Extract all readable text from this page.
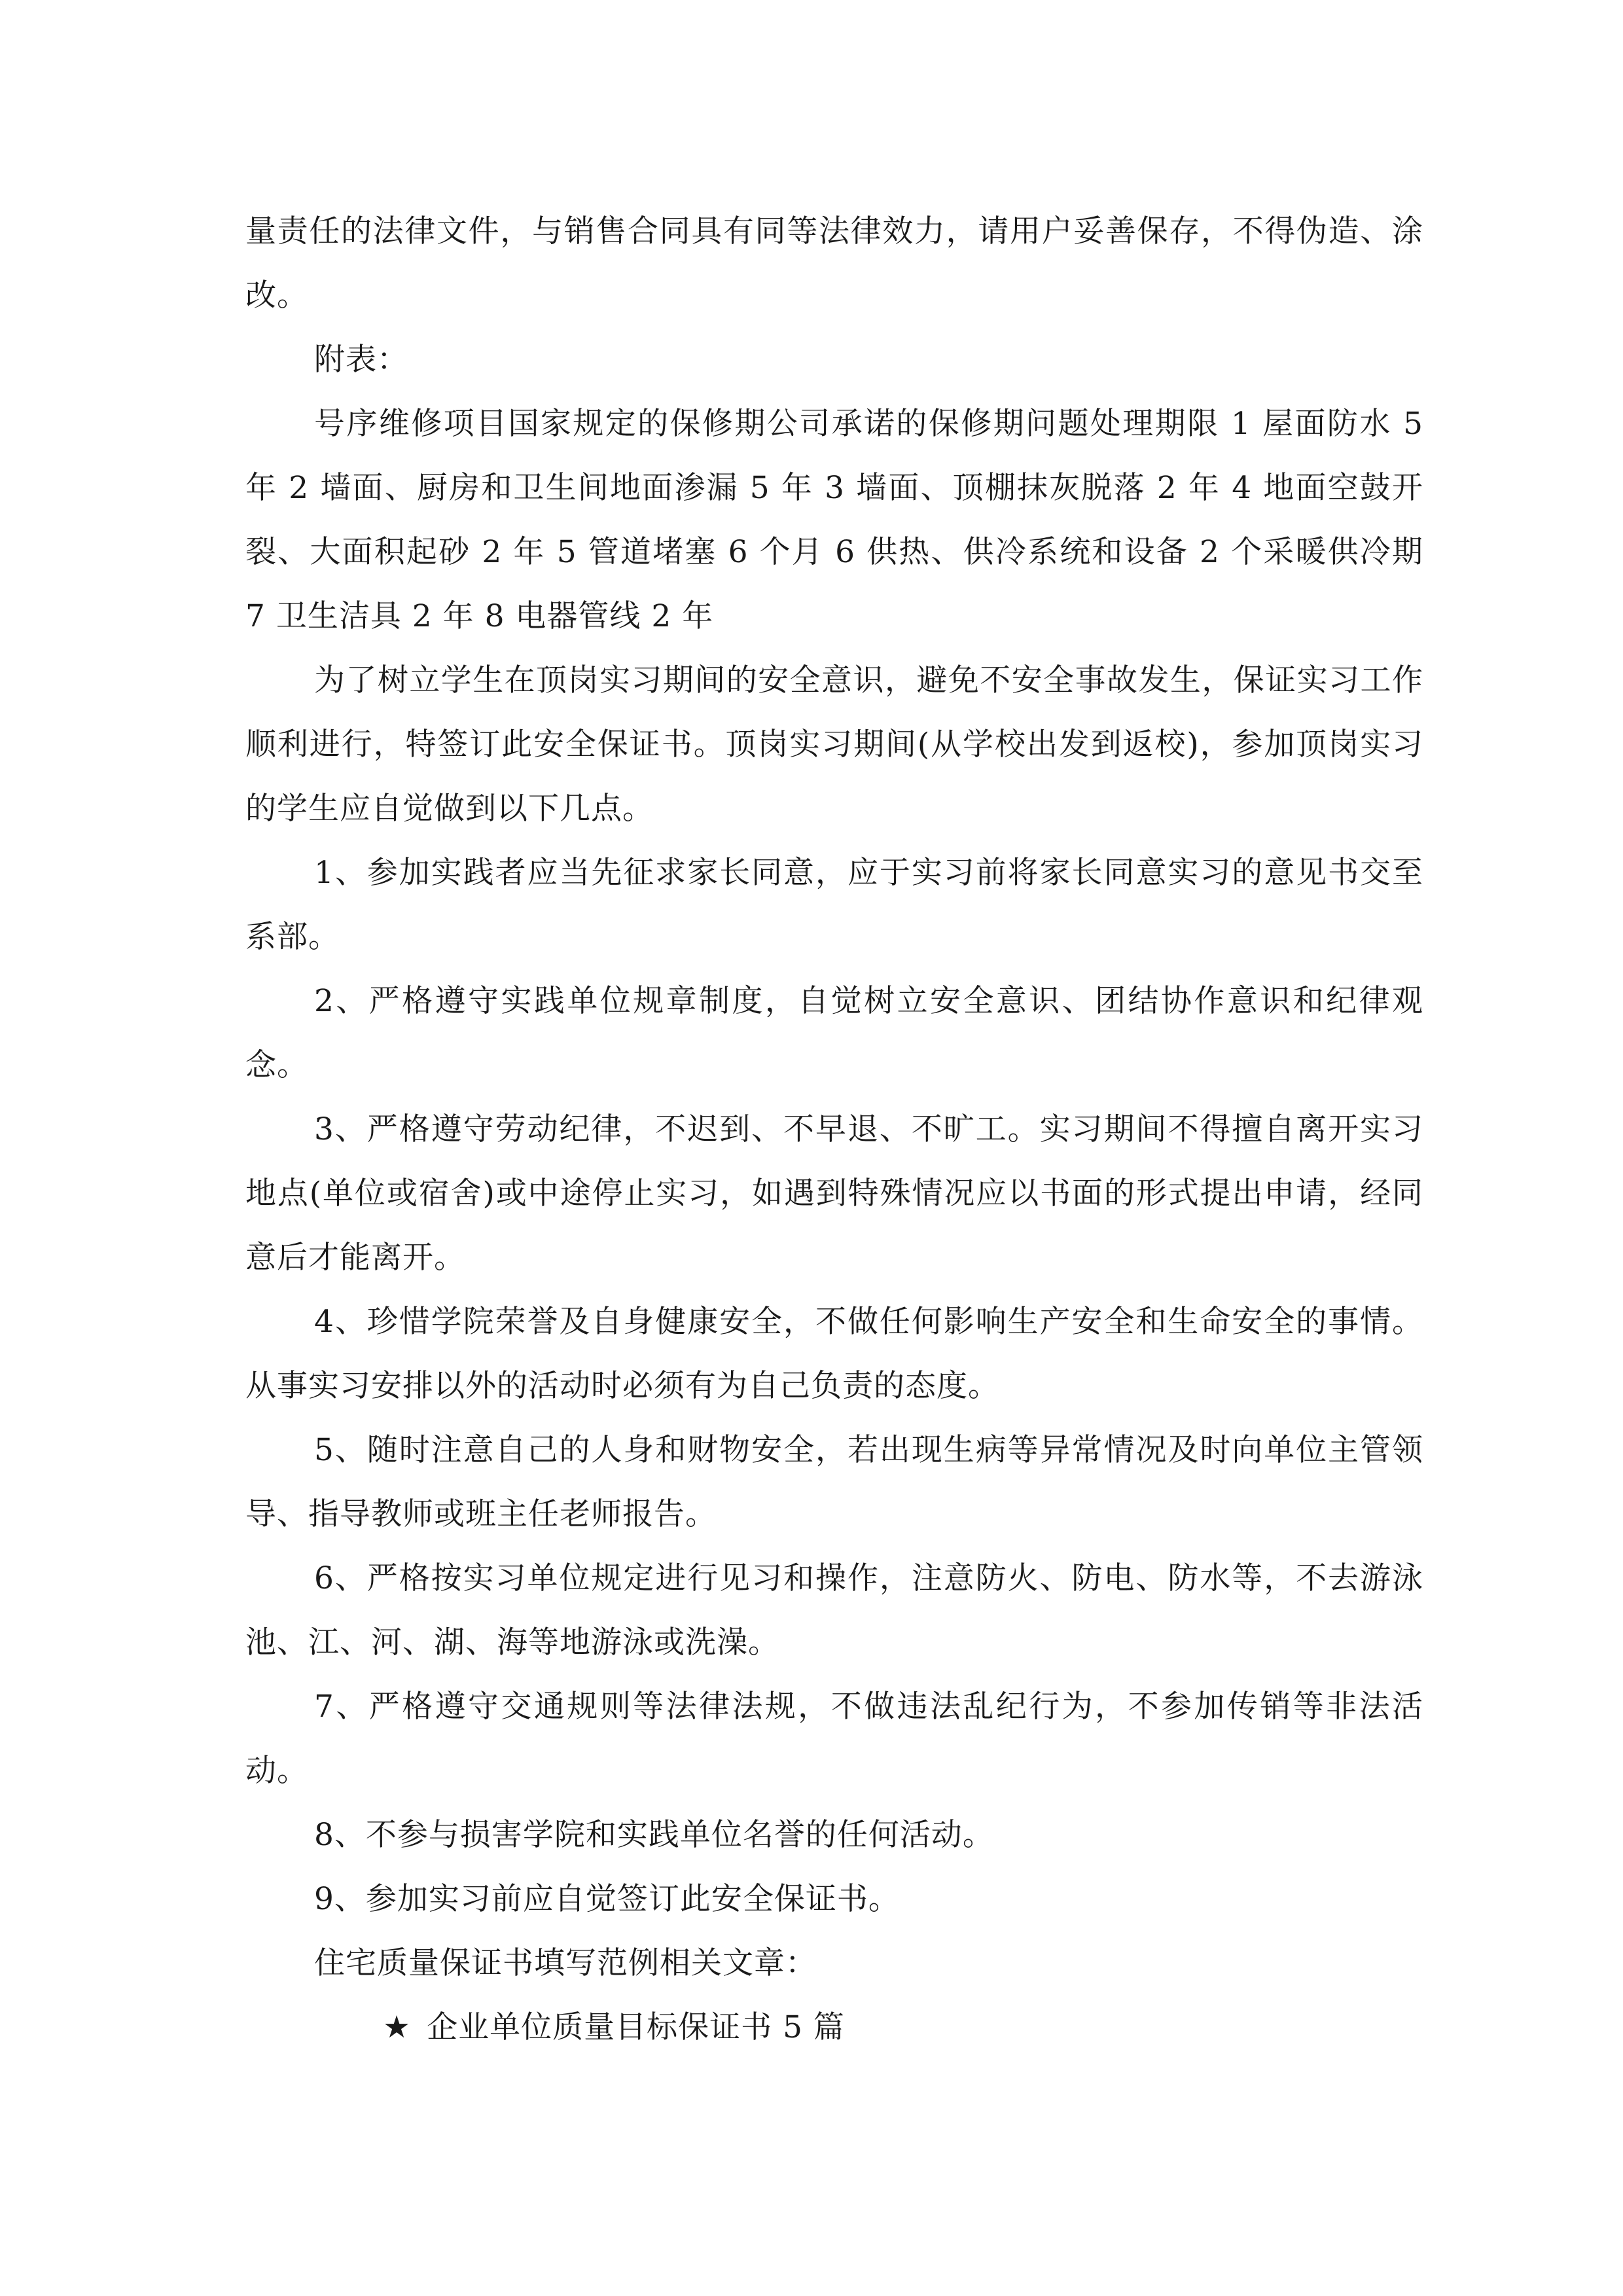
量责任的法律文件，与销售合同具有同等法律效力，请用户妥善保存，不得伪造、涂改。

附表：

号序维修项目国家规定的保修期公司承诺的保修期问题处理期限 1 屋面防水 5 年 2 墙面、厨房和卫生间地面渗漏 5 年 3 墙面、顶棚抹灰脱落 2 年 4 地面空鼓开裂、大面积起砂 2 年 5 管道堵塞 6 个月 6 供热、供冷系统和设备 2 个采暖供冷期 7 卫生洁具 2 年 8 电器管线 2 年

为了树立学生在顶岗实习期间的安全意识，避免不安全事故发生，保证实习工作顺利进行，特签订此安全保证书。顶岗实习期间(从学校出发到返校)，参加顶岗实习的学生应自觉做到以下几点。

1、参加实践者应当先征求家长同意，应于实习前将家长同意实习的意见书交至系部。

2、严格遵守实践单位规章制度，自觉树立安全意识、团结协作意识和纪律观念。

3、严格遵守劳动纪律，不迟到、不早退、不旷工。实习期间不得擅自离开实习地点(单位或宿舍)或中途停止实习，如遇到特殊情况应以书面的形式提出申请，经同意后才能离开。

4、珍惜学院荣誉及自身健康安全，不做任何影响生产安全和生命安全的事情。从事实习安排以外的活动时必须有为自己负责的态度。

5、随时注意自己的人身和财物安全，若出现生病等异常情况及时向单位主管领导、指导教师或班主任老师报告。

6、严格按实习单位规定进行见习和操作，注意防火、防电、防水等，不去游泳池、江、河、湖、海等地游泳或洗澡。

7、严格遵守交通规则等法律法规，不做违法乱纪行为，不参加传销等非法活动。

8、不参与损害学院和实践单位名誉的任何活动。

9、参加实习前应自觉签订此安全保证书。

住宅质量保证书填写范例相关文章：

★ 企业单位质量目标保证书 5 篇
